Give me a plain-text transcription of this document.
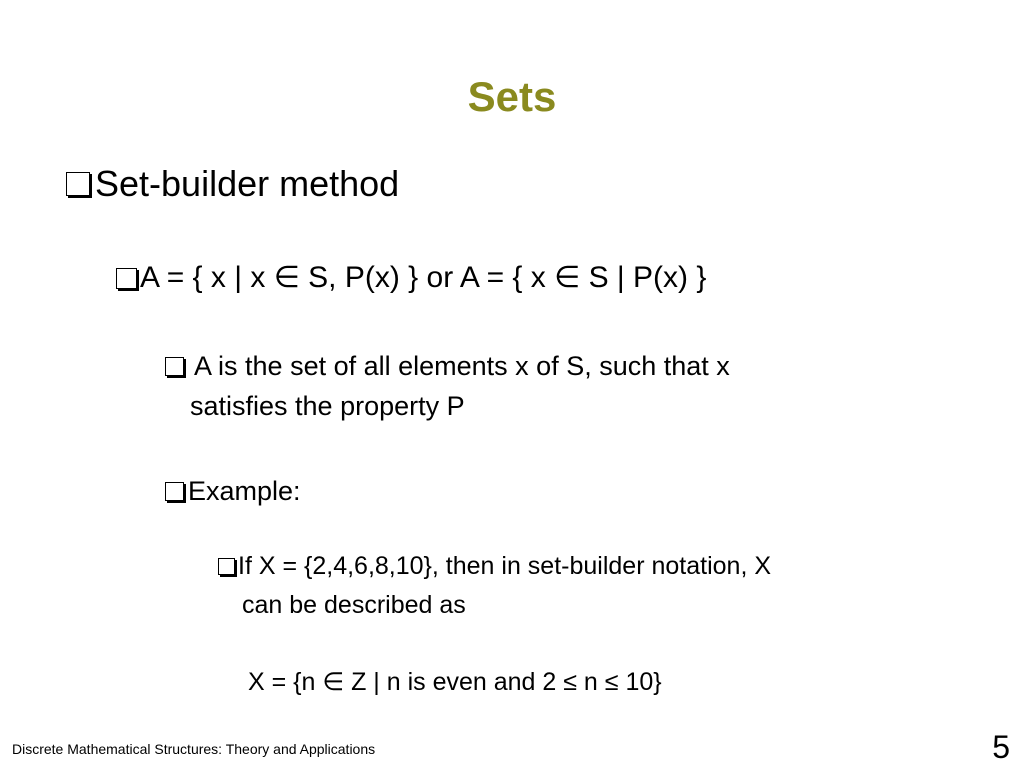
Sets
Set-builder method
A = { x | x ∈ S, P(x) } or A = { x ∈ S | P(x) }
A is the set of all elements x of S, such that x
satisfies the property P
Example:
If X = {2,4,6,8,10}, then in set-builder notation, X
can be described as
X = {n ∈ Z | n is even and 2 ≤ n ≤ 10}
Discrete Mathematical Structures: Theory and Applications	5
